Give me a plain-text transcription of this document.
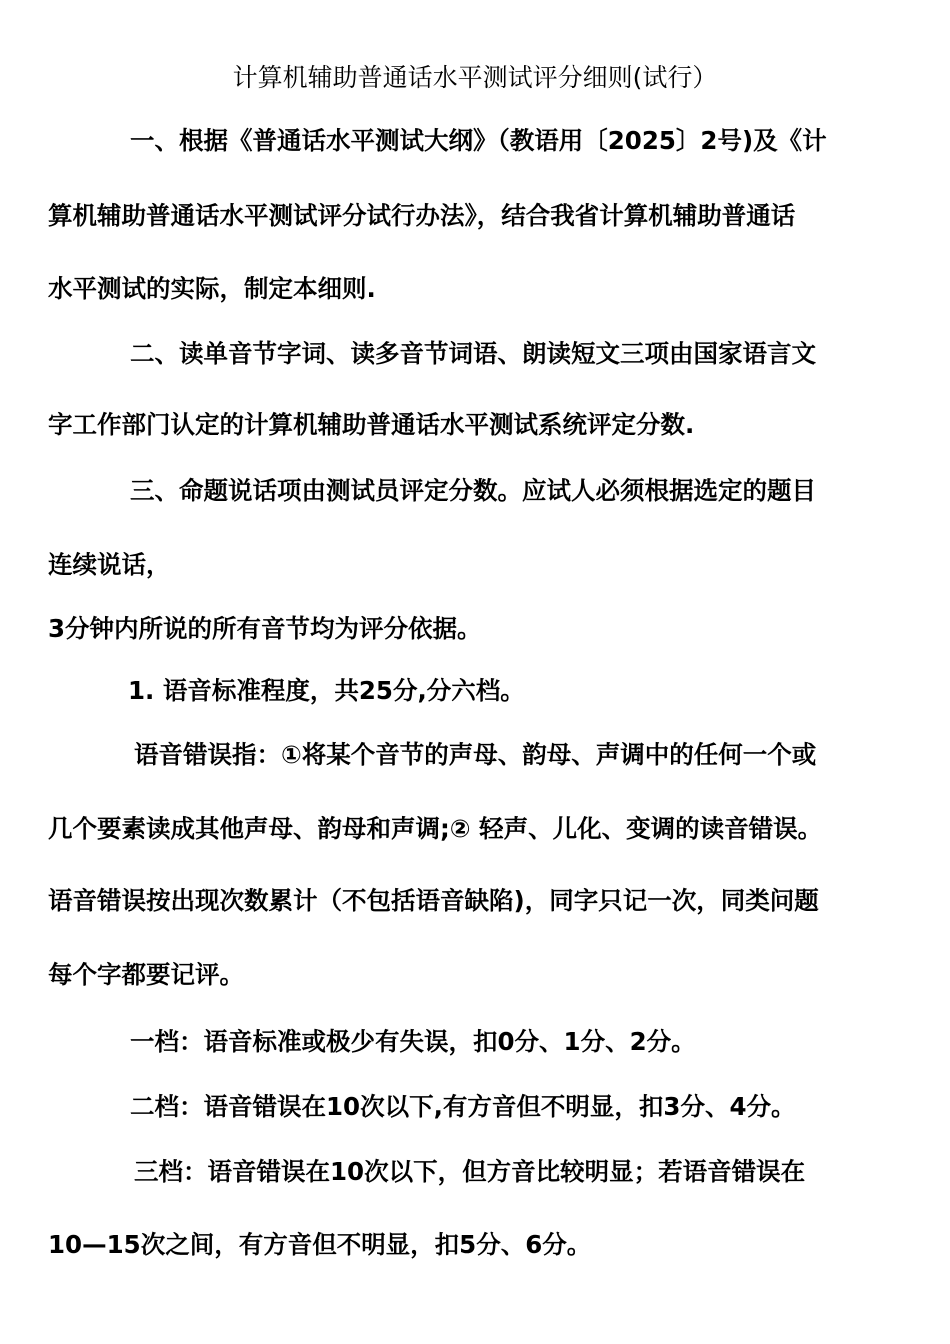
计算机辅助普通话水平测试评分细则(试行）
一、根据《普通话水平测试大纲》（教语用〔2025〕2号)及《计
算机辅助普通话水平测试评分试行办法》，结合我省计算机辅助普通话
水平测试的实际，制定本细则.
二、读单音节字词、读多音节词语、朗读短文三项由国家语言文
字工作部门认定的计算机辅助普通话水平测试系统评定分数.
三、命题说话项由测试员评定分数。应试人必须根据选定的题目
连续说话，
3分钟内所说的所有音节均为评分依据。
1. 语音标准程度，共25分,分六档。
语音错误指：①将某个音节的声母、韵母、声调中的任何一个或
几个要素读成其他声母、韵母和声调;② 轻声、儿化、变调的读音错误。
语音错误按出现次数累计（不包括语音缺陷)，同字只记一次，同类问题
每个字都要记评。
一档：语音标准或极少有失误，扣0分、1分、2分。
二档：语音错误在10次以下,有方音但不明显，扣3分、4分。
三档：语音错误在10次以下，但方音比较明显；若语音错误在
10—15次之间，有方音但不明显，扣5分、6分。
